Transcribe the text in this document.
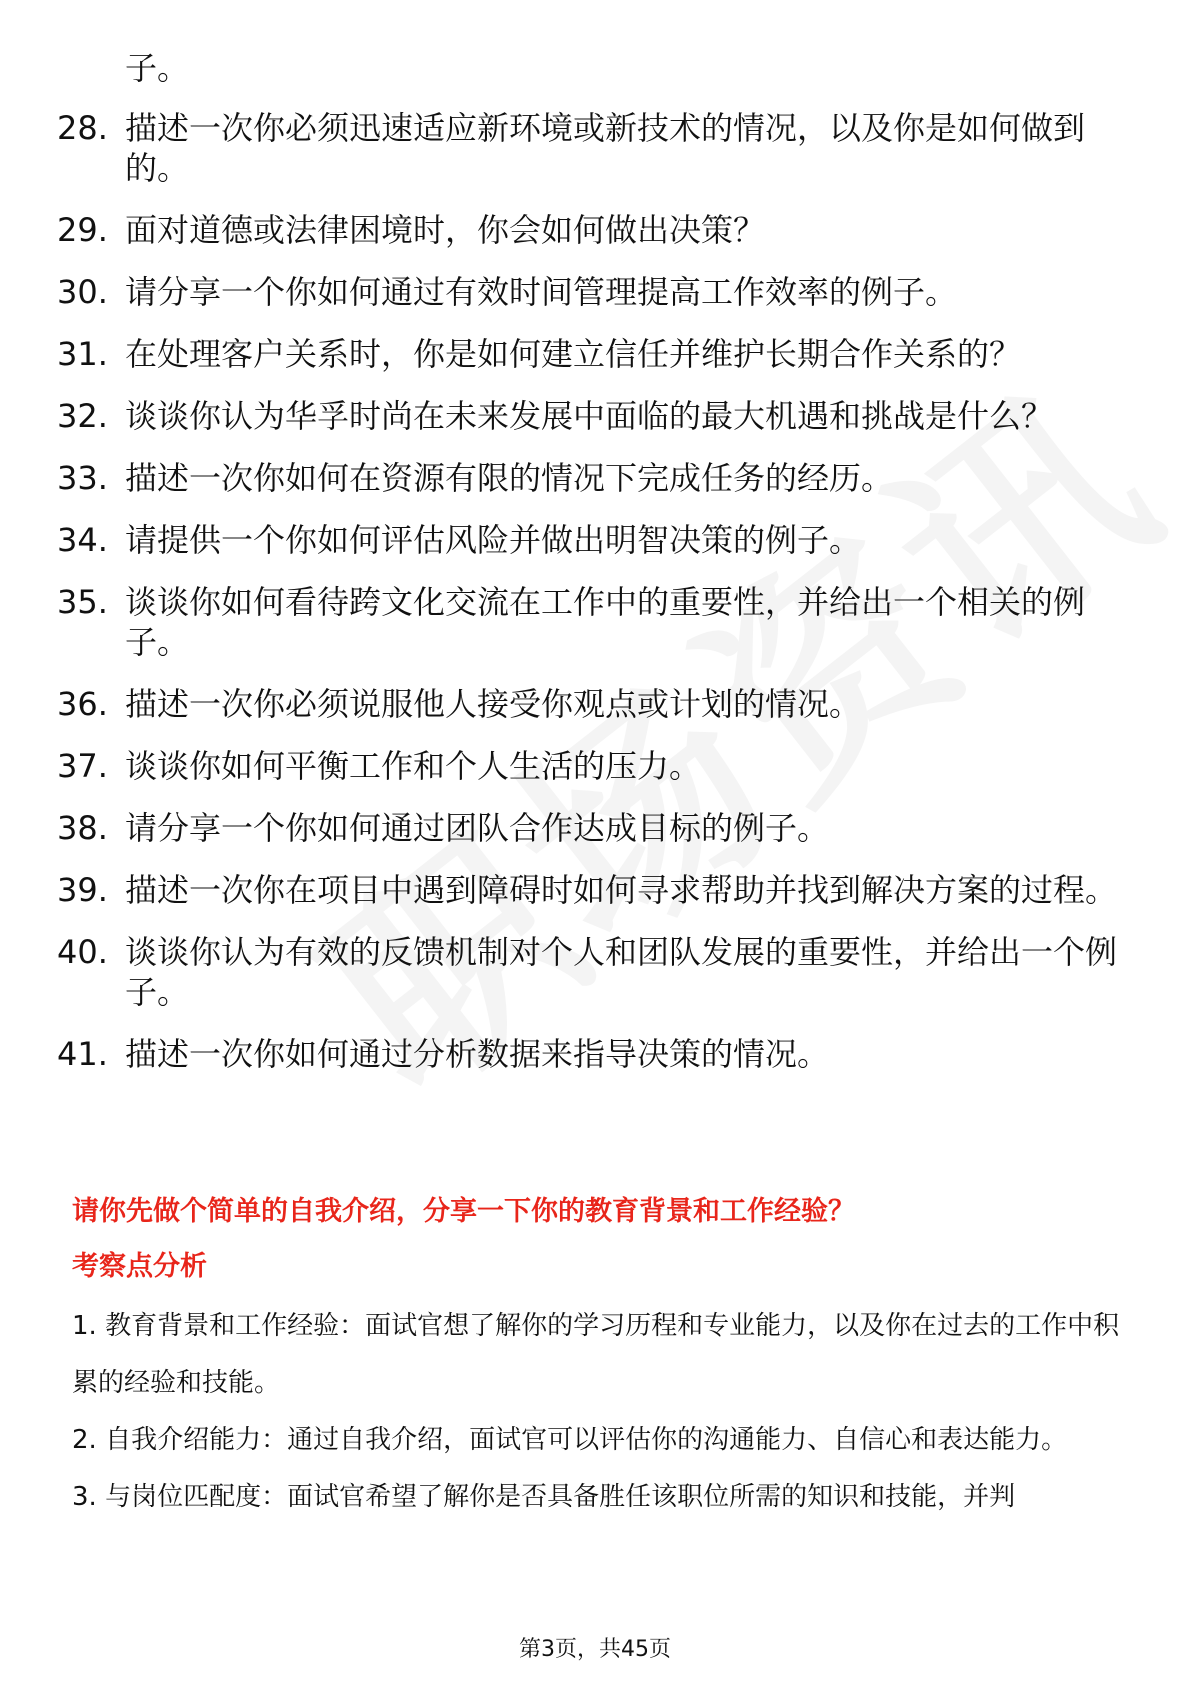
子。
28. 描述一次你必须迅速适应新环境或新技术的情况，以及你是如何做到的。
29. 面对道德或法律困境时，你会如何做出决策？
30. 请分享一个你如何通过有效时间管理提高工作效率的例子。
31. 在处理客户关系时，你是如何建立信任并维护长期合作关系的？
32. 谈谈你认为华孚时尚在未来发展中面临的最大机遇和挑战是什么？
33. 描述一次你如何在资源有限的情况下完成任务的经历。
34. 请提供一个你如何评估风险并做出明智决策的例子。
35. 谈谈你如何看待跨文化交流在工作中的重要性，并给出一个相关的例子。
36. 描述一次你必须说服他人接受你观点或计划的情况。
37. 谈谈你如何平衡工作和个人生活的压力。
38. 请分享一个你如何通过团队合作达成目标的例子。
39. 描述一次你在项目中遇到障碍时如何寻求帮助并找到解决方案的过程。
40. 谈谈你认为有效的反馈机制对个人和团队发展的重要性，并给出一个例子。
41. 描述一次你如何通过分析数据来指导决策的情况。

请你先做个简单的自我介绍，分享一下你的教育背景和工作经验？

考察点分析

1. 教育背景和工作经验：面试官想了解你的学习历程和专业能力，以及你在过去的工作中积累的经验和技能。

2. 自我介绍能力：通过自我介绍，面试官可以评估你的沟通能力、自信心和表达能力。

3. 与岗位匹配度：面试官希望了解你是否具备胜任该职位所需的知识和技能，并判

第3页，共45页
